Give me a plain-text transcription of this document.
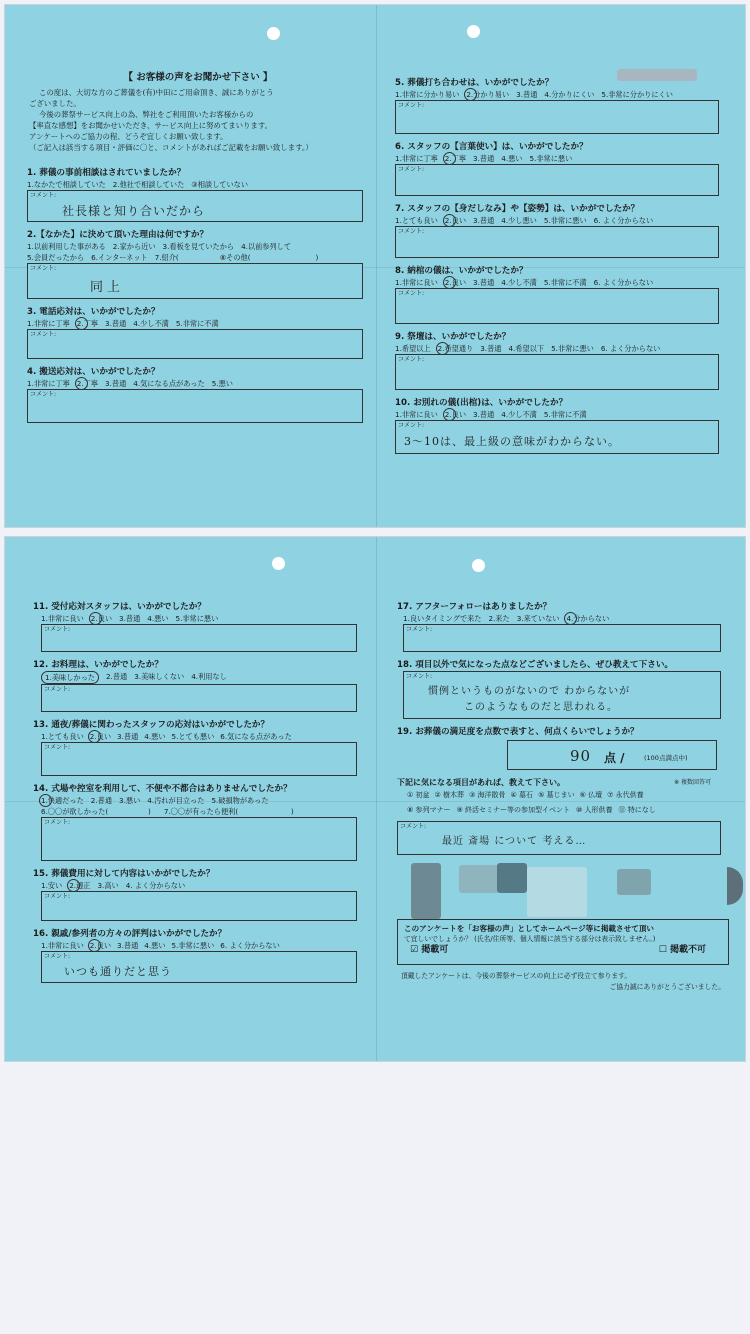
【 お客様の声をお聞かせ下さい 】
この度は、大切な方のご葬儀を(有)中田にご用命頂き、誠にありがとう
ございました。
今後の葬祭サービス向上の為、弊社をご利用頂いたお客様からの
【率直な感想】をお聞かせいただき、サービス向上に努めてまいります。
アンケートへのご協力の程、どうぞ宜しくお願い致します。
（ご記入は該当する項目・評価に〇と、コメントがあればご記載をお願い致します。）
1. 葬儀の事前相談はされていましたか？
1.なかたで相談していた 2.他社で相談していた ③相談していない
コメント:
社長様と知り合いだから
2.【なかた】に決めて頂いた理由は何ですか？
1.以前利用した事がある 2.家から近い 3.看板を見ていたから 4.以前参列して
5.会員だったから 6.インターネット 7.紹介(	⑧その他(	)
コメント:
同上
3. 電話応対は、いかがでしたか？
1.非常に丁寧 2.丁寧 3.普通 4.少し不満 5.非常に不満
コメント:
4. 搬送応対は、いかがでしたか？
1.非常に丁寧 2.丁寧 3.普通 4.気になる点があった 5.悪い
コメント:
5. 葬儀打ち合わせは、いかがでしたか？
1.非常に分かり易い 2.分かり易い 3.普通 4.分かりにくい 5.非常に分かりにくい
コメント:
6. スタッフの【言葉使い】は、いかがでしたか？
1.非常に丁寧 2.丁寧 3.普通 4.悪い 5.非常に悪い
コメント:
7. スタッフの【身だしなみ】や【姿勢】は、いかがでしたか？
1.とても良い 2.良い 3.普通 4.少し悪い 5.非常に悪い 6. よく分からない
コメント:
8. 納棺の儀は、いかがでしたか？
1.非常に良い 2.良い 3.普通 4.少し不満 5.非常に不満 6. よく分からない
コメント:
9. 祭壇は、いかがでしたか？
1.希望以上 2.希望通り 3.普通 4.希望以下 5.非常に悪い 6. よく分からない
コメント:
10. お別れの儀(出棺)は、いかがでしたか？
1.非常に良い 2.良い 3.普通 4.少し不満 5.非常に不満
コメント:
3～10は、最上級の意味がわからない。
11. 受付応対スタッフは、いかがでしたか？
1.非常に良い 2.良い 3.普通 4.悪い 5.非常に悪い
コメント:
12. お料理は、いかがでしたか？
1.美味しかった	2.普通 3.美味しくない 4.利用なし
コメント:
13. 通夜/葬儀に関わったスタッフの応対はいかがでしたか？
1.とても良い 2.良い 3.普通 4.悪い 5.とても悪い 6.気になる点があった
コメント:
14. 式場や控室を利用して、不便や不都合はありませんでしたか？
1.快適だった 2.普通 3.悪い 4.汚れが目立った 5.破損物があった
6.〇〇が欲しかった(	) 7.〇〇が有ったら便利(	)
コメント:
15. 葬儀費用に対して内容はいかがでしたか？
1.安い 2.適正 3.高い 4. よく分からない
コメント:
16. 親戚/参列者の方々の評判はいかがでしたか？
1.非常に良い 2.良い 3.普通 4.悪い 5.非常に悪い 6. よく分からない
コメント:
いつも通りだと思う
17. アフターフォローはありましたか？
1.良いタイミングで来た 2.来た 3.来ていない 4.分からない
コメント:
18. 項目以外で気になった点などございましたら、ぜひ教えて下さい。
コメント:
慣例というものがないので わからないが
このようなものだと思われる。
19. お葬儀の満足度を点数で表すと、何点くらいでしょうか？
90 点 /	(100点満点中)
下記に気になる項目があれば、教えて下さい。	※ 複数回答可
① 初盆 ② 樹木葬 ③ 海洋散骨 ④ 墓石 ⑤ 墓じまい ⑥ 仏壇 ⑦ 永代供養
⑧ 参列マナー ⑨ 終活セミナー等の参加型イベント ⑩ 人形供養 ⑪ 特になし
コメント:
最近 斎場 について 考える…
このアンケートを「お客様の声」としてホームページ等に掲載させて頂い
て宜しいでしょうか？ (氏名/住所等、個人情報に該当する部分は表示致しません。)
☑ 掲載可	☐ 掲載不可
頂戴したアンケートは、今後の葬祭サービスの向上に必ず役立て参ります。
ご協力誠にありがとうございました。
